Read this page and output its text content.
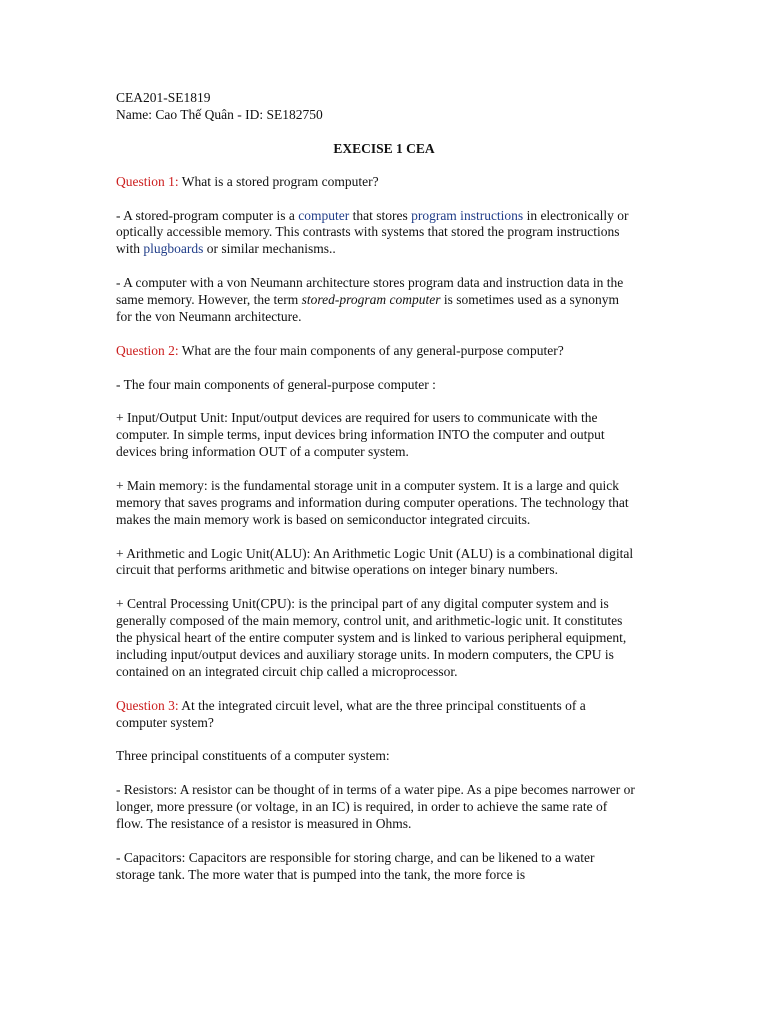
CEA201-SE1819

Name: Cao Thế Quân - ID: SE182750

EXECISE 1 CEA

Question 1: What is a stored program computer?

- A stored-program computer is a computer that stores program instructions in electronically or optically accessible memory. This contrasts with systems that stored the program instructions with plugboards or similar mechanisms..

- A computer with a von Neumann architecture stores program data and instruction data in the same memory. However, the term stored-program computer is sometimes used as a synonym for the von Neumann architecture.

Question 2: What are the four main components of any general-purpose computer?

- The four main components of general-purpose computer :

+ Input/Output Unit: Input/output devices are required for users to communicate with the computer. In simple terms, input devices bring information INTO the computer and output devices bring information OUT of a computer system.

+ Main memory: is the fundamental storage unit in a computer system. It is a large and quick memory that saves programs and information during computer operations. The technology that makes the main memory work is based on semiconductor integrated circuits.

+ Arithmetic and Logic Unit(ALU): An Arithmetic Logic Unit (ALU) is a combinational digital circuit that performs arithmetic and bitwise operations on integer binary numbers.

+ Central Processing Unit(CPU): is the principal part of any digital computer system and is generally composed of the main memory, control unit, and arithmetic-logic unit. It constitutes the physical heart of the entire computer system and is linked to various peripheral equipment, including input/output devices and auxiliary storage units. In modern computers, the CPU is contained on an integrated circuit chip called a microprocessor.

Question 3: At the integrated circuit level, what are the three principal constituents of a computer system?

Three principal constituents of a computer system:

- Resistors: A resistor can be thought of in terms of a water pipe. As a pipe becomes narrower or longer, more pressure (or voltage, in an IC) is required, in order to achieve the same rate of flow. The resistance of a resistor is measured in Ohms.

- Capacitors: Capacitors are responsible for storing charge, and can be likened to a water storage tank. The more water that is pumped into the tank, the more force is
